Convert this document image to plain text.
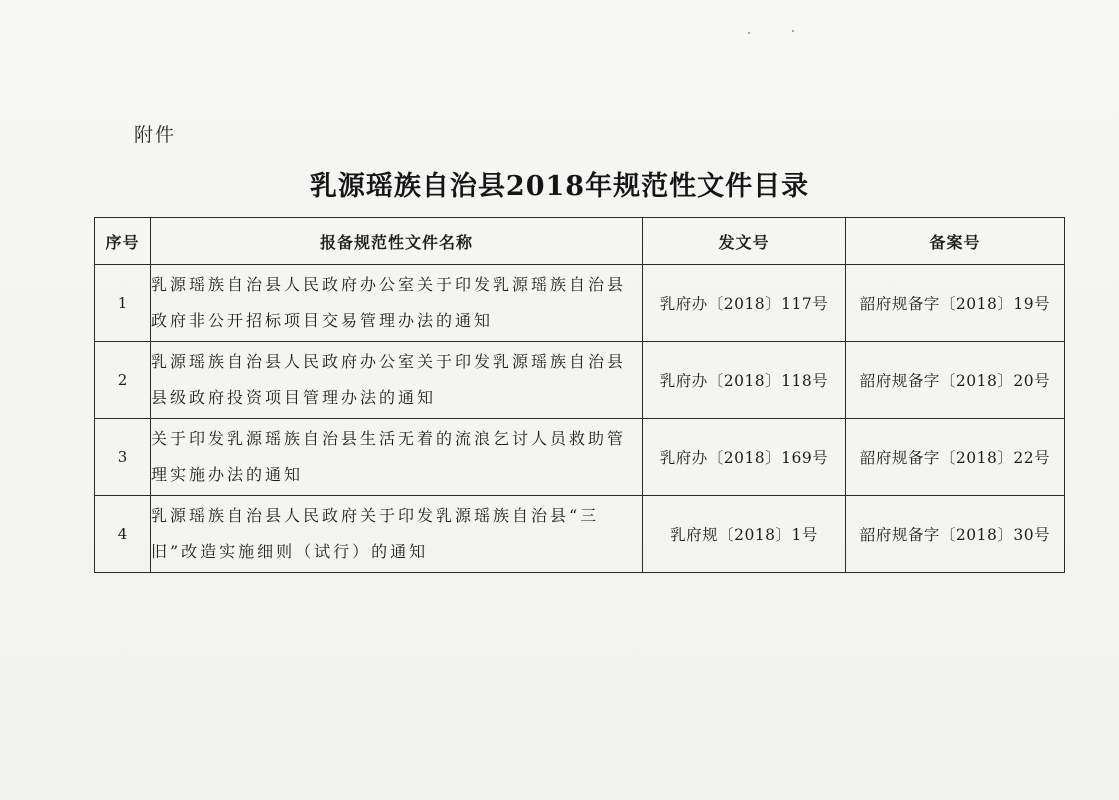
附件
乳源瑶族自治县2018年规范性文件目录
序号	报备规范性文件名称	发文号	备案号
1	乳源瑶族自治县人民政府办公室关于印发乳源瑶族自治县政府非公开招标项目交易管理办法的通知	乳府办〔2018〕117号	韶府规备字〔2018〕19号
2	乳源瑶族自治县人民政府办公室关于印发乳源瑶族自治县县级政府投资项目管理办法的通知	乳府办〔2018〕118号	韶府规备字〔2018〕20号
3	关于印发乳源瑶族自治县生活无着的流浪乞讨人员救助管理实施办法的通知	乳府办〔2018〕169号	韶府规备字〔2018〕22号
4	乳源瑶族自治县人民政府关于印发乳源瑶族自治县“三旧”改造实施细则（试行）的通知	乳府规〔2018〕1号	韶府规备字〔2018〕30号
